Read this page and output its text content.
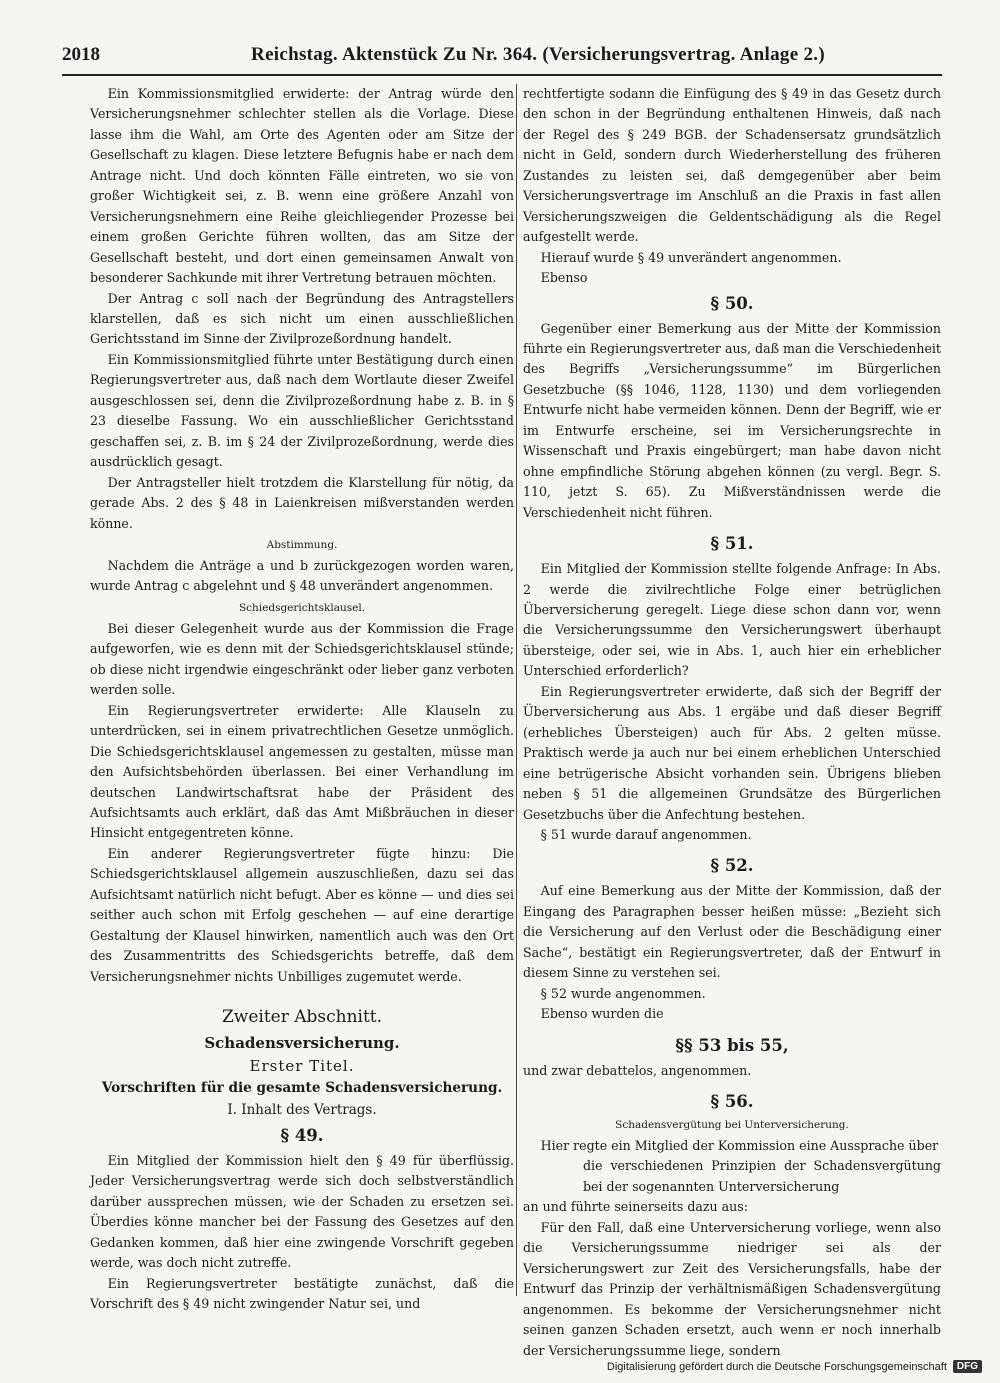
2018	Reichstag. Aktenstück Zu Nr. 364. (Versicherungsvertrag. Anlage 2.)

Ein Kommissionsmitglied erwiderte: der Antrag würde den Versicherungsnehmer schlechter stellen als die Vorlage. Diese lasse ihm die Wahl, am Orte des Agenten oder am Sitze der Gesellschaft zu klagen. Diese letztere Befugnis habe er nach dem Antrage nicht. Und doch könnten Fälle eintreten, wo sie von großer Wichtigkeit sei, z. B. wenn eine größere Anzahl von Versicherungsnehmern eine Reihe gleichliegender Prozesse bei einem großen Gerichte führen wollten, das am Sitze der Gesellschaft besteht, und dort einen gemeinsamen Anwalt von besonderer Sachkunde mit ihrer Vertretung betrauen möchten.

Der Antrag c soll nach der Begründung des Antragstellers klarstellen, daß es sich nicht um einen ausschließlichen Gerichtsstand im Sinne der Zivilprozeßordnung handelt.

Ein Kommissionsmitglied führte unter Bestätigung durch einen Regierungsvertreter aus, daß nach dem Wortlaute dieser Zweifel ausgeschlossen sei, denn die Zivilprozeßordnung habe z. B. in § 23 dieselbe Fassung. Wo ein ausschließlicher Gerichtsstand geschaffen sei, z. B. im § 24 der Zivilprozeßordnung, werde dies ausdrücklich gesagt.

Der Antragsteller hielt trotzdem die Klarstellung für nötig, da gerade Abs. 2 des § 48 in Laienkreisen mißverstanden werden könne.

Abstimmung.

Nachdem die Anträge a und b zurückgezogen worden waren, wurde Antrag c abgelehnt und § 48 unverändert angenommen.

Schiedsgerichtsklausel.

Bei dieser Gelegenheit wurde aus der Kommission die Frage aufgeworfen, wie es denn mit der Schiedsgerichtsklausel stünde; ob diese nicht irgendwie eingeschränkt oder lieber ganz verboten werden solle.

Ein Regierungsvertreter erwiderte: Alle Klauseln zu unterdrücken, sei in einem privatrechtlichen Gesetze unmöglich. Die Schiedsgerichtsklausel angemessen zu gestalten, müsse man den Aufsichtsbehörden überlassen. Bei einer Verhandlung im deutschen Landwirtschaftsrat habe der Präsident des Aufsichtsamts auch erklärt, daß das Amt Mißbräuchen in dieser Hinsicht entgegentreten könne.

Ein anderer Regierungsvertreter fügte hinzu: Die Schiedsgerichtsklausel allgemein auszuschließen, dazu sei das Aufsichtsamt natürlich nicht befugt. Aber es könne — und dies sei seither auch schon mit Erfolg geschehen — auf eine derartige Gestaltung der Klausel hinwirken, namentlich auch was den Ort des Zusammentritts des Schiedsgerichts betreffe, daß dem Versicherungsnehmer nichts Unbilliges zugemutet werde.

Zweiter Abschnitt.
Schadensversicherung.
Erster Titel.
Vorschriften für die gesamte Schadensversicherung.
I. Inhalt des Vertrags.
§ 49.

Ein Mitglied der Kommission hielt den § 49 für überflüssig. Jeder Versicherungsvertrag werde sich doch selbstverständlich darüber aussprechen müssen, wie der Schaden zu ersetzen sei. Überdies könne mancher bei der Fassung des Gesetzes auf den Gedanken kommen, daß hier eine zwingende Vorschrift gegeben werde, was doch nicht zutreffe.

Ein Regierungsvertreter bestätigte zunächst, daß die Vorschrift des § 49 nicht zwingender Natur sei, und

rechtfertigte sodann die Einfügung des § 49 in das Gesetz durch den schon in der Begründung enthaltenen Hinweis, daß nach der Regel des § 249 BGB. der Schadensersatz grundsätzlich nicht in Geld, sondern durch Wiederherstellung des früheren Zustandes zu leisten sei, daß demgegenüber aber beim Versicherungsvertrage im Anschluß an die Praxis in fast allen Versicherungszweigen die Geldentschädigung als die Regel aufgestellt werde.

Hierauf wurde § 49 unverändert angenommen.

Ebenso

§ 50.

Gegenüber einer Bemerkung aus der Mitte der Kommission führte ein Regierungsvertreter aus, daß man die Verschiedenheit des Begriffs „Versicherungssumme“ im Bürgerlichen Gesetzbuche (§§ 1046, 1128, 1130) und dem vorliegenden Entwurfe nicht habe vermeiden können. Denn der Begriff, wie er im Entwurfe erscheine, sei im Versicherungsrechte in Wissenschaft und Praxis eingebürgert; man habe davon nicht ohne empfindliche Störung abgehen können (zu vergl. Begr. S. 110, jetzt S. 65). Zu Mißverständnissen werde die Verschiedenheit nicht führen.

§ 51.

Ein Mitglied der Kommission stellte folgende Anfrage: In Abs. 2 werde die zivilrechtliche Folge einer betrüglichen Überversicherung geregelt. Liege diese schon dann vor, wenn die Versicherungssumme den Versicherungswert überhaupt übersteige, oder sei, wie in Abs. 1, auch hier ein erheblicher Unterschied erforderlich?

Ein Regierungsvertreter erwiderte, daß sich der Begriff der Überversicherung aus Abs. 1 ergäbe und daß dieser Begriff (erhebliches Übersteigen) auch für Abs. 2 gelten müsse. Praktisch werde ja auch nur bei einem erheblichen Unterschied eine betrügerische Absicht vorhanden sein. Übrigens blieben neben § 51 die allgemeinen Grundsätze des Bürgerlichen Gesetzbuchs über die Anfechtung bestehen.

§ 51 wurde darauf angenommen.

§ 52.

Auf eine Bemerkung aus der Mitte der Kommission, daß der Eingang des Paragraphen besser heißen müsse: „Bezieht sich die Versicherung auf den Verlust oder die Beschädigung einer Sache“, bestätigt ein Regierungsvertreter, daß der Entwurf in diesem Sinne zu verstehen sei.

§ 52 wurde angenommen.

Ebenso wurden die

§§ 53 bis 55,

und zwar debattelos, angenommen.

§ 56.

Schadensvergütung bei Unterversicherung.

Hier regte ein Mitglied der Kommission eine Aussprache über

die verschiedenen Prinzipien der Schadensvergütung bei der sogenannten Unterversicherung

an und führte seinerseits dazu aus:

Für den Fall, daß eine Unterversicherung vorliege, wenn also die Versicherungssumme niedriger sei als der Versicherungswert zur Zeit des Versicherungsfalls, habe der Entwurf das Prinzip der verhältnismäßigen Schadensvergütung angenommen. Es bekomme der Versicherungsnehmer nicht seinen ganzen Schaden ersetzt, auch wenn er noch innerhalb der Versicherungssumme liege, sondern

Digitalisierung gefördert durch die Deutsche Forschungsgemeinschaft	DFG
